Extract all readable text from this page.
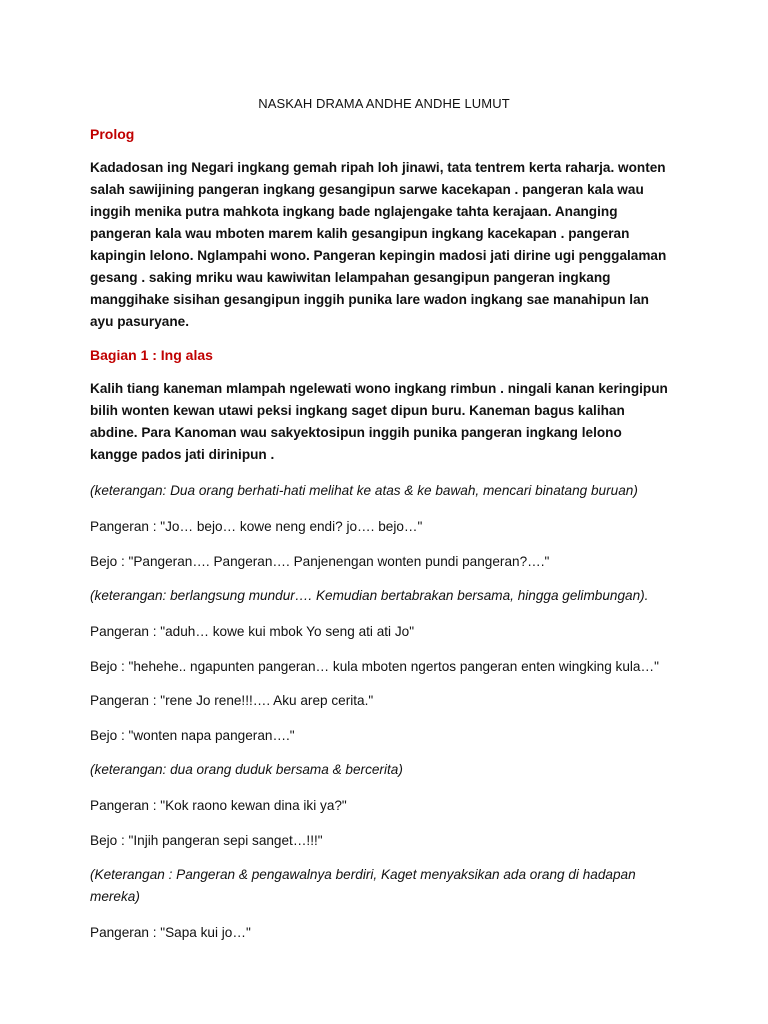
NASKAH DRAMA ANDHE ANDHE LUMUT
Prolog

Kadadosan ing Negari ingkang gemah ripah loh jinawi, tata tentrem kerta raharja. wonten salah sawijining pangeran ingkang gesangipun sarwe kacekapan . pangeran kala wau inggih menika putra mahkota ingkang bade nglajengake tahta kerajaan. Ananging pangeran kala wau mboten marem kalih gesangipun ingkang kacekapan . pangeran kapingin lelono. Nglampahi wono. Pangeran kepingin madosi jati dirine ugi penggalaman gesang . saking mriku wau kawiwitan lelampahan gesangipun pangeran ingkang manggihake sisihan gesangipun inggih punika lare wadon ingkang sae manahipun lan ayu pasuryane.

Bagian 1 : Ing alas

Kalih tiang kaneman mlampah ngelewati wono ingkang rimbun . ningali kanan keringipun bilih wonten kewan utawi peksi ingkang saget dipun buru. Kaneman bagus kalihan abdine. Para Kanoman wau sakyektosipun inggih punika pangeran ingkang lelono kangge pados jati dirinipun .

(keterangan: Dua orang berhati-hati melihat ke atas & ke bawah, mencari binatang buruan)

Pangeran : "Jo… bejo… kowe neng endi? jo…. bejo…"

Bejo : "Pangeran…. Pangeran…. Panjenengan wonten pundi pangeran?…."

(keterangan: berlangsung mundur…. Kemudian bertabrakan bersama, hingga gelimbungan).

Pangeran : "aduh… kowe kui mbok Yo seng ati ati Jo"

Bejo : "hehehe.. ngapunten pangeran… kula mboten ngertos pangeran enten wingking kula…"

Pangeran : "rene Jo rene!!!…. Aku arep cerita."

Bejo : "wonten napa pangeran…."

(keterangan: dua orang duduk bersama & bercerita)

Pangeran : "Kok raono kewan dina iki ya?"

Bejo : "Injih pangeran sepi sanget…!!!"

(Keterangan : Pangeran & pengawalnya berdiri, Kaget menyaksikan ada orang di hadapan mereka)

Pangeran : "Sapa kui jo…"
